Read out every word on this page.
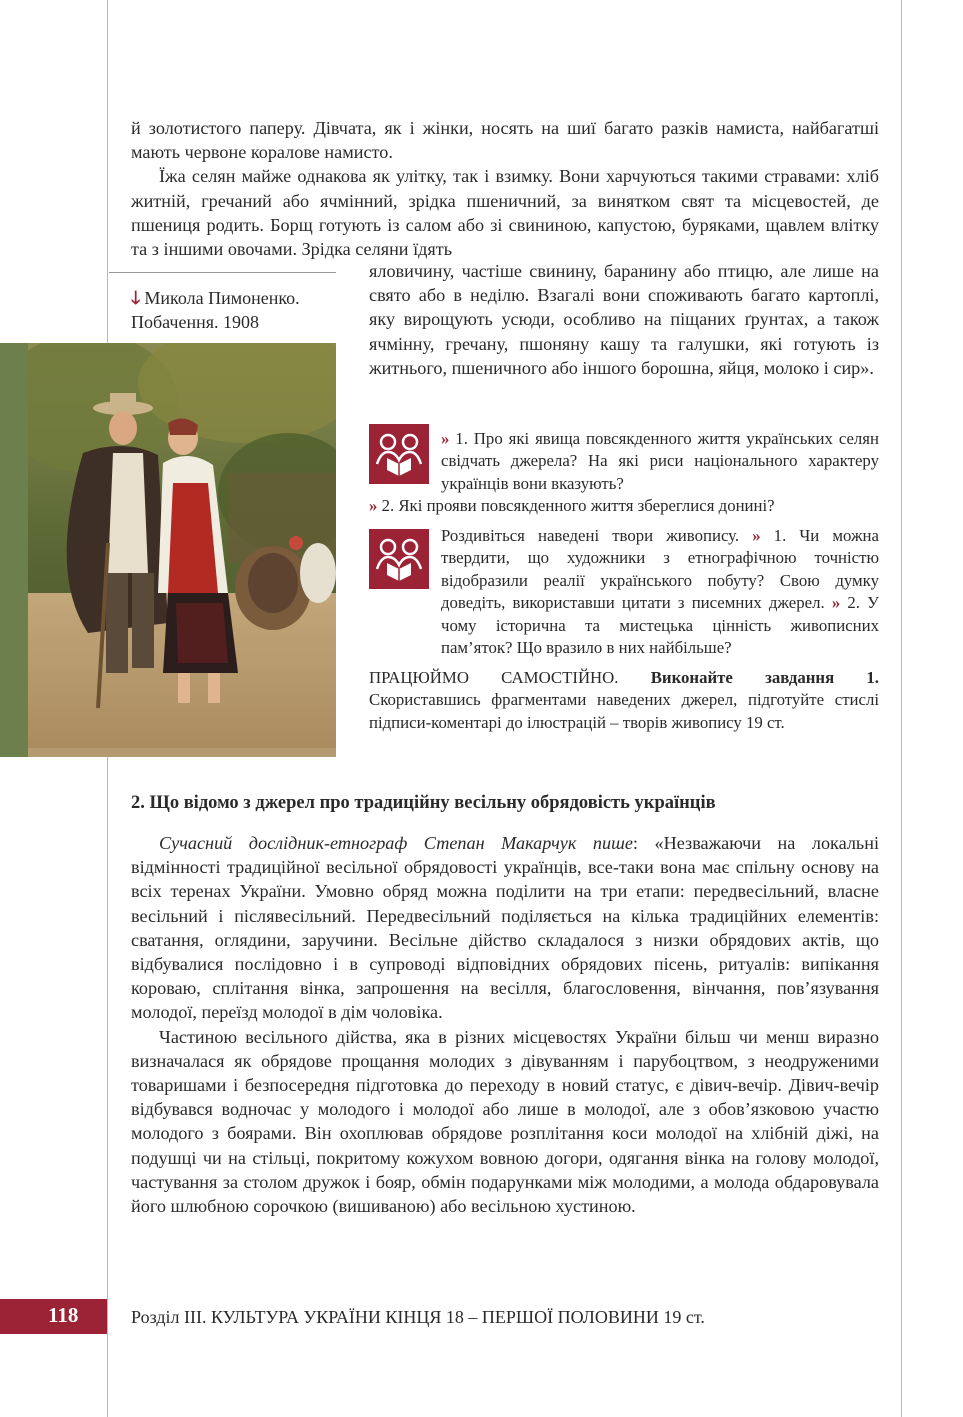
й золотистого паперу. Дівчата, як і жінки, носять на шиї багато разків намиста, найбагатші мають червоне коралове намисто.

Їжа селян майже однакова як улітку, так і взимку. Вони харчуються такими стравами: хліб житній, гречаний або ячмінний, зрідка пшеничний, за винятком свят та місцевостей, де пшениця родить. Борщ готують із салом або зі свининою, капустою, буряками, щавлем влітку та з іншими овочами. Зрідка селяни їдять

🡓 Микола Пимоненко.
Побачення. 1908

яловичину, частіше свинину, баранину або птицю, але лише на свято або в неділю. Взагалі вони споживають багато картоплі, яку вирощують усюди, особливо на піщаних ґрунтах, а також ячмінну, гречану, пшоняну кашу та галушки, які готують із житнього, пшеничного або іншого борошна, яйця, молоко і сир».

» 1. Про які явища повсякденного життя українських селян свідчать джерела? На які риси національного характеру українців вони вказують?

» 2. Які прояви повсякденного життя збереглися донині?

Роздивіться наведені твори живопису. » 1. Чи можна твердити, що художники з етнографічною точністю відобразили реалії українського побуту? Свою думку доведіть, використавши цитати з писемних джерел. » 2. У чому історична та мистецька цінність живописних пам’яток? Що вразило в них найбільше?

ПРАЦЮЙМО САМОСТІЙНО. Виконайте завдання 1. Скориставшись фрагментами наведених джерел, підготуйте стислі підписи-коментарі до ілюстрацій – творів живопису 19 ст.

2. Що відомо з джерел про традиційну весільну обрядовість українців

Сучасний дослідник-етнограф Степан Макарчук пише: «Незважаючи на локальні відмінності традиційної весільної обрядовості українців, все-таки вона має спільну основу на всіх теренах України. Умовно обряд можна поділити на три етапи: передвесільний, власне весільний і післявесільний. Передвесільний поділяється на кілька традиційних елементів: сватання, оглядини, заручини. Весільне дійство складалося з низки обрядових актів, що відбувалися послідовно і в супроводі відповідних обрядових пісень, ритуалів: випікання короваю, сплітання вінка, запрошення на весілля, благословення, вінчання, пов’язування молодої, переїзд молодої в дім чоловіка.

Частиною весільного дійства, яка в різних місцевостях України більш чи менш виразно визначалася як обрядове прощання молодих з дівуванням і парубоцтвом, з неодруженими товаришами і безпосередня підготовка до переходу в новий статус, є дівич-вечір. Дівич-вечір відбувався водночас у молодого і молодої або лише в молодої, але з обов’язковою участю молодого з боярами. Він охоплював обрядове розплітання коси молодої на хлібній діжі, на подушці чи на стільці, покритому кожухом вовною догори, одягання вінка на голову молодої, частування за столом дружок і бояр, обмін подарунками між молодими, а молода обдаровувала його шлюбною сорочкою (вишиваною) або весільною хустиною.

118	Розділ ІІІ. КУЛЬТУРА УКРАЇНИ КІНЦЯ 18 – ПЕРШОЇ ПОЛОВИНИ 19 ст.
